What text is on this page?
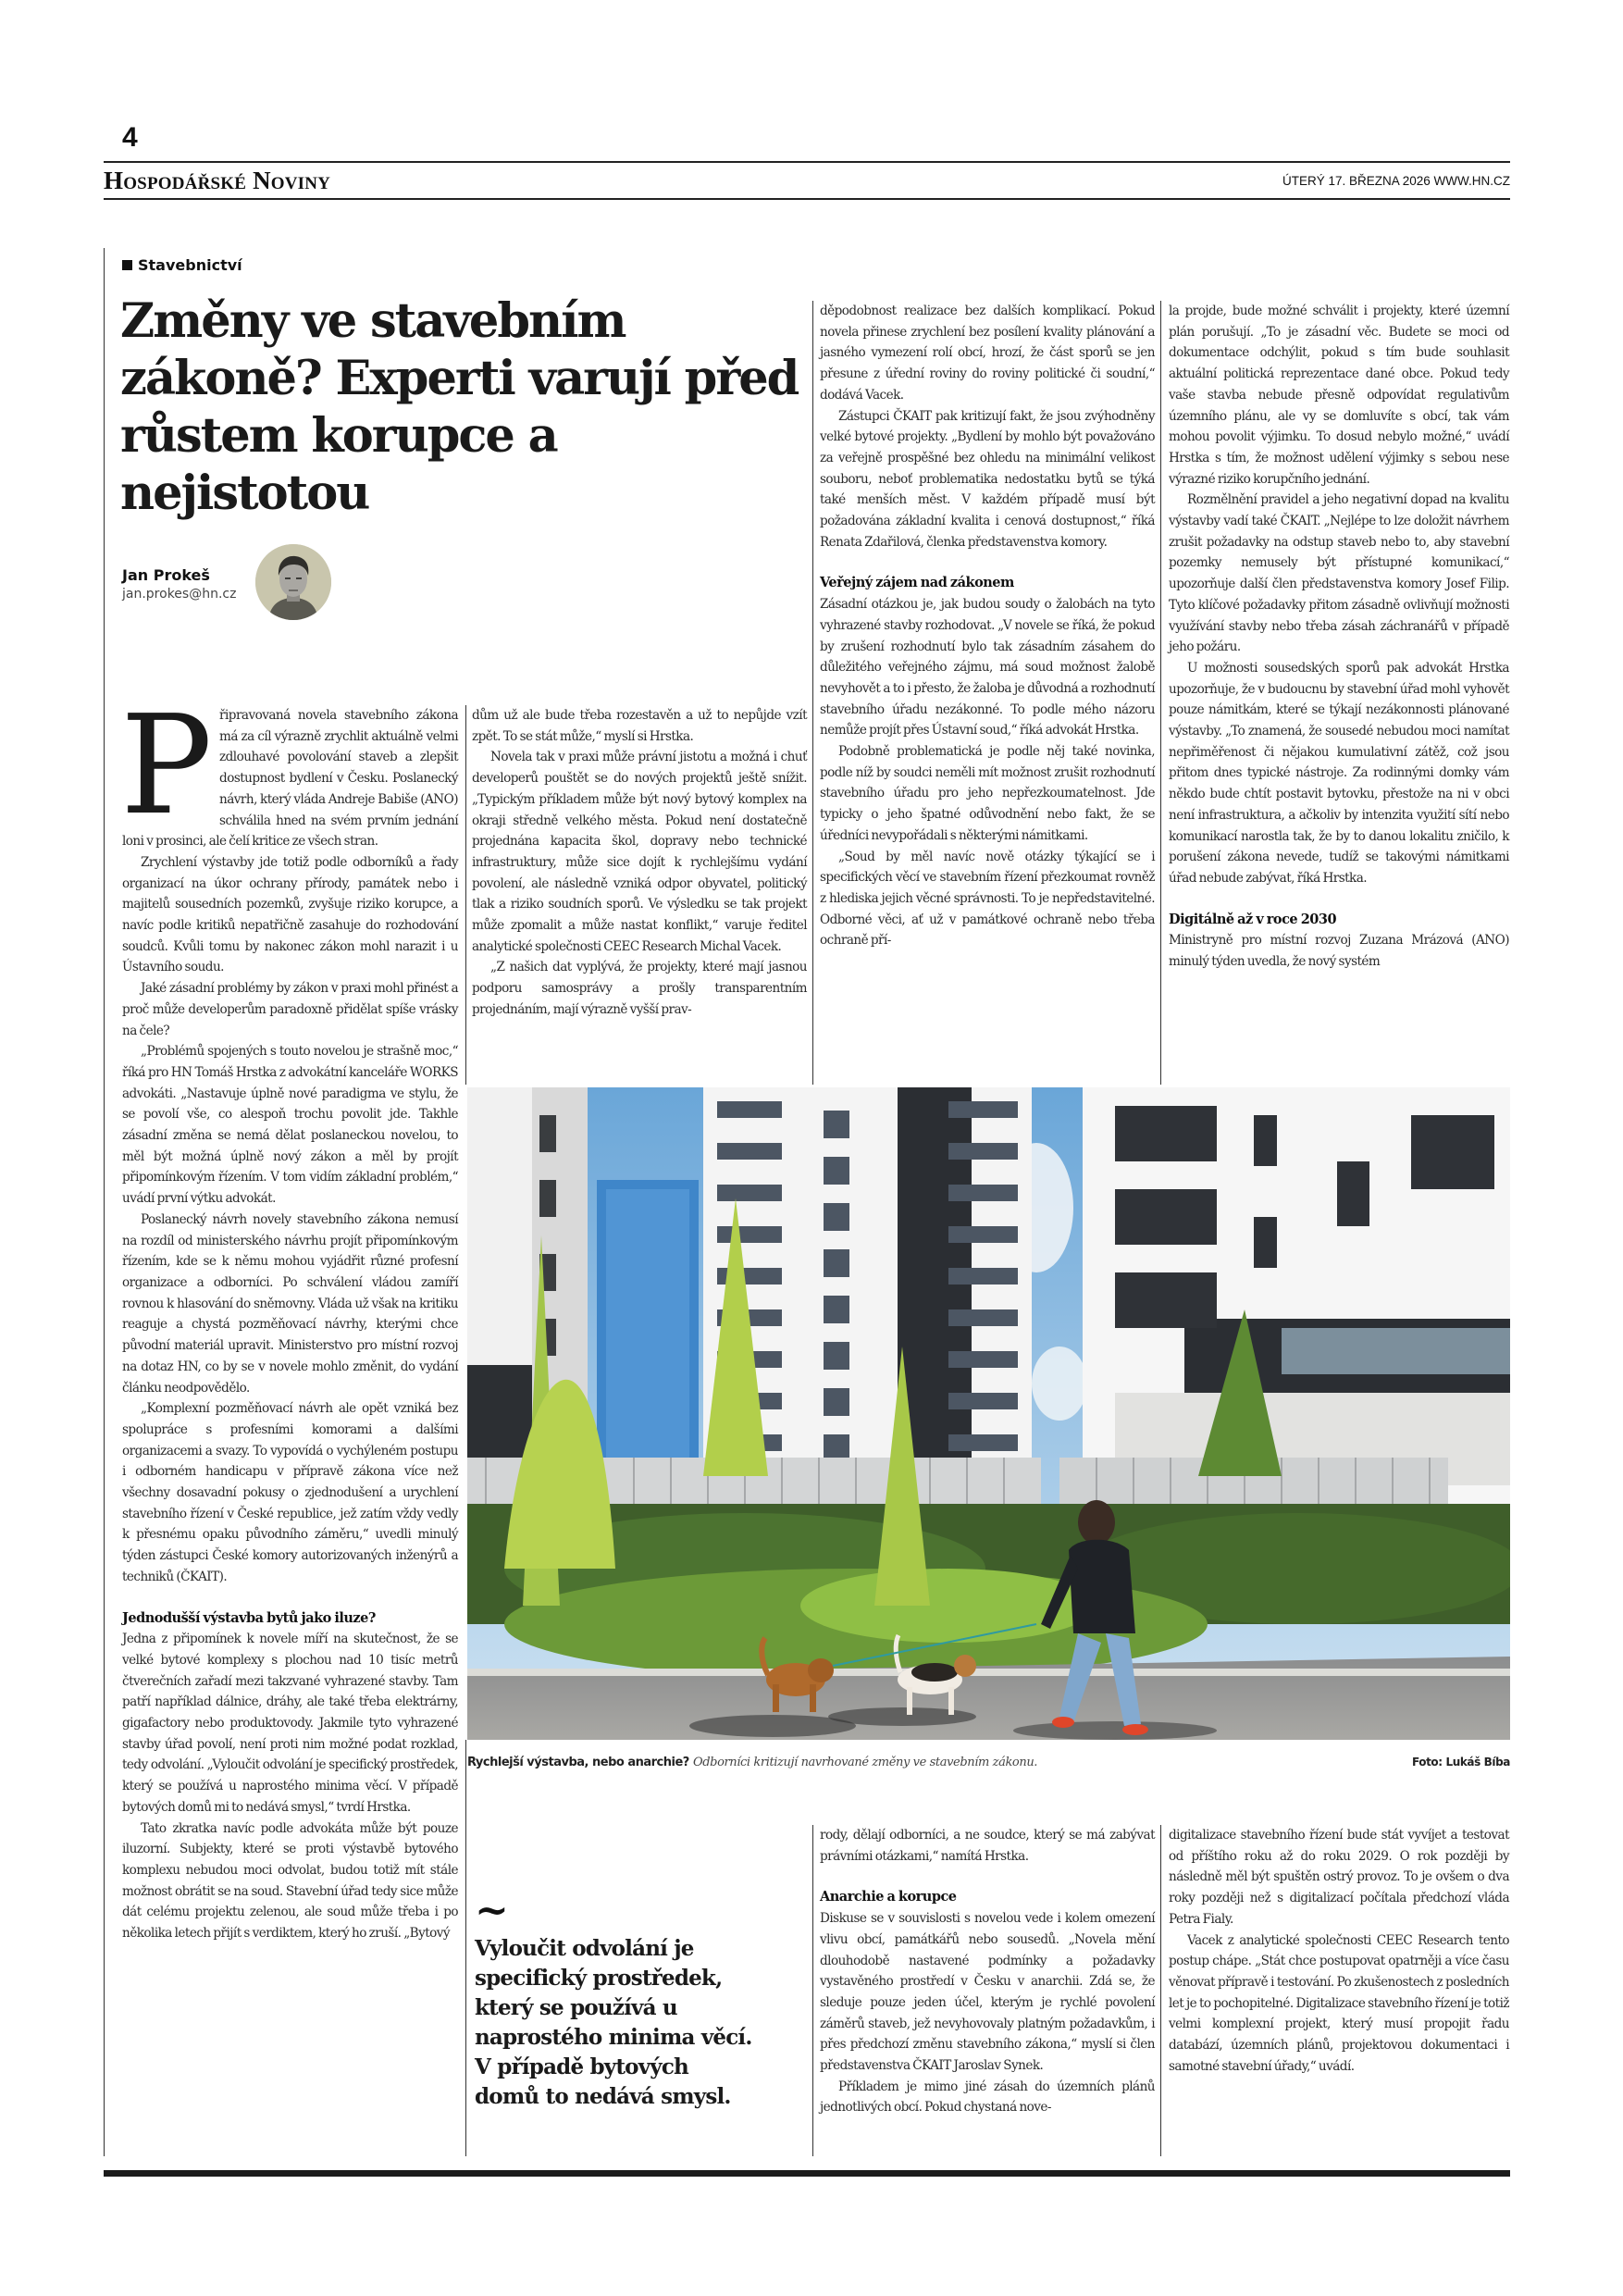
4
Hospodářské Noviny	ÚTERÝ 17. BŘEZNA 2026 WWW.HN.CZ
Stavebnictví
Změny ve stavebním zákoně? Experti varují před růstem korupce a nejistotou
Jan Prokeš
jan.prokes@hn.cz

Připravovaná novela stavebního zákona má za cíl výrazně zrychlit aktuálně velmi zdlouhavé povolování staveb a zlepšit dostupnost bydlení v Česku. Poslanecký návrh, který vláda Andreje Babiše (ANO) schválila hned na svém prvním jednání loni v prosinci, ale čelí kritice ze všech stran.

Zrychlení výstavby jde totiž podle odborníků a řady organizací na úkor ochrany přírody, památek nebo i majitelů sousedních pozemků, zvyšuje riziko korupce, a navíc podle kritiků nepatřičně zasahuje do rozhodování soudců. Kvůli tomu by nakonec zákon mohl narazit i u Ústavního soudu.

Jaké zásadní problémy by zákon v praxi mohl přinést a proč může developerům paradoxně přidělat spíše vrásky na čele?

„Problémů spojených s touto novelou je strašně moc,“ říká pro HN Tomáš Hrstka z advokátní kanceláře WORKS advokáti. „Nastavuje úplně nové paradigma ve stylu, že se povolí vše, co alespoň trochu povolit jde. Takhle zásadní změna se nemá dělat poslaneckou novelou, to měl být možná úplně nový zákon a měl by projít připomínkovým řízením. V tom vidím základní problém,“ uvádí první výtku advokát.

Poslanecký návrh novely stavebního zákona nemusí na rozdíl od ministerského návrhu projít připomínkovým řízením, kde se k němu mohou vyjádřit různé profesní organizace a odborníci. Po schválení vládou zamíří rovnou k hlasování do sněmovny. Vláda už však na kritiku reaguje a chystá pozměňovací návrhy, kterými chce původní materiál upravit. Ministerstvo pro místní rozvoj na dotaz HN, co by se v novele mohlo změnit, do vydání článku neodpovědělo.

„Komplexní pozměňovací návrh ale opět vzniká bez spolupráce s profesními komorami a dalšími organizacemi a svazy. To vypovídá o vychýleném postupu i odborném handicapu v přípravě zákona více než všechny dosavadní pokusy o zjednodušení a urychlení stavebního řízení v České republice, jež zatím vždy vedly k přesnému opaku původního záměru,“ uvedli minulý týden zástupci České komory autorizovaných inženýrů a techniků (ČKAIT).

Jednodušší výstavba bytů jako iluze?

Jedna z připomínek k novele míří na skutečnost, že se velké bytové komplexy s plochou nad 10 tisíc metrů čtverečních zařadí mezi takzvané vyhrazené stavby. Tam patří například dálnice, dráhy, ale také třeba elektrárny, gigafactory nebo produktovody. Jakmile tyto vyhrazené stavby úřad povolí, není proti nim možné podat rozklad, tedy odvolání. „Vyloučit odvolání je specifický prostředek, který se používá u naprostého minima věcí. V případě bytových domů mi to nedává smysl,“ tvrdí Hrstka.

Tato zkratka navíc podle advokáta může být pouze iluzorní. Subjekty, které se proti výstavbě bytového komplexu nebudou moci odvolat, budou totiž mít stále možnost obrátit se na soud. Stavební úřad tedy sice může dát celému projektu zelenou, ale soud může třeba i po několika letech přijít s verdiktem, který ho zruší. „Bytový

dům už ale bude třeba rozestavěn a už to nepůjde vzít zpět. To se stát může,“ myslí si Hrstka.

Novela tak v praxi může právní jistotu a možná i chuť developerů pouštět se do nových projektů ještě snížit. „Typickým příkladem může být nový bytový komplex na okraji středně velkého města. Pokud není dostatečně projednána kapacita škol, dopravy nebo technické infrastruktury, může sice dojít k rychlejšímu vydání povolení, ale následně vzniká odpor obyvatel, politický tlak a riziko soudních sporů. Ve výsledku se tak projekt může zpomalit a může nastat konflikt,“ varuje ředitel analytické společnosti CEEC Research Michal Vacek.

„Z našich dat vyplývá, že projekty, které mají jasnou podporu samosprávy a prošly transparentním projednáním, mají výrazně vyšší prav-

děpodobnost realizace bez dalších komplikací. Pokud novela přinese zrychlení bez posílení kvality plánování a jasného vymezení rolí obcí, hrozí, že část sporů se jen přesune z úřední roviny do roviny politické či soudní,“ dodává Vacek.

Zástupci ČKAIT pak kritizují fakt, že jsou zvýhodněny velké bytové projekty. „Bydlení by mohlo být považováno za veřejně prospěšné bez ohledu na minimální velikost souboru, neboť problematika nedostatku bytů se týká také menších měst. V každém případě musí být požadována základní kvalita i cenová dostupnost,“ říká Renata Zdařilová, členka představenstva komory.

Veřejný zájem nad zákonem

Zásadní otázkou je, jak budou soudy o žalobách na tyto vyhrazené stavby rozhodovat. „V novele se říká, že pokud by zrušení rozhodnutí bylo tak zásadním zásahem do důležitého veřejného zájmu, má soud možnost žalobě nevyhovět a to i přesto, že žaloba je důvodná a rozhodnutí stavebního úřadu nezákonné. To podle mého názoru nemůže projít přes Ústavní soud,“ říká advokát Hrstka.

Podobně problematická je podle něj také novinka, podle níž by soudci neměli mít možnost zrušit rozhodnutí stavebního úřadu pro jeho nepřezkoumatelnost. Jde typicky o jeho špatné odůvodnění nebo fakt, že se úředníci nevypořádali s některými námitkami.

„Soud by měl navíc nově otázky týkající se i specifických věcí ve stavebním řízení přezkoumat rovněž z hlediska jejich věcné správnosti. To je nepředstavitelné. Odborné věci, ať už v památkové ochraně nebo třeba ochraně pří-

la projde, bude možné schválit i projekty, které územní plán porušují. „To je zásadní věc. Budete se moci od dokumentace odchýlit, pokud s tím bude souhlasit aktuální politická reprezentace dané obce. Pokud tedy vaše stavba nebude přesně odpovídat regulativům územního plánu, ale vy se domluvíte s obcí, tak vám mohou povolit výjimku. To dosud nebylo možné,“ uvádí Hrstka s tím, že možnost udělení výjimky s sebou nese výrazné riziko korupčního jednání.

Rozmělnění pravidel a jeho negativní dopad na kvalitu výstavby vadí také ČKAIT. „Nejlépe to lze doložit návrhem zrušit požadavky na odstup staveb nebo to, aby stavební pozemky nemusely být přístupné komunikací,“ upozorňuje další člen představenstva komory Josef Filip. Tyto klíčové požadavky přitom zásadně ovlivňují možnosti využívání stavby nebo třeba zásah záchranářů v případě jeho požáru.

U možnosti sousedských sporů pak advokát Hrstka upozorňuje, že v budoucnu by stavební úřad mohl vyhovět pouze námitkám, které se týkají nezákonnosti plánované výstavby. „To znamená, že sousedé nebudou moci namítat nepřiměřenost či nějakou kumulativní zátěž, což jsou přitom dnes typické nástroje. Za rodinnými domky vám někdo bude chtít postavit bytovku, přestože na ni v obci není infrastruktura, a ačkoliv by intenzita využití sítí nebo komunikací narostla tak, že by to danou lokalitu zničilo, k porušení zákona nevede, tudíž se takovými námitkami úřad nebude zabývat, říká Hrstka.

Digitálně až v roce 2030

Ministryně pro místní rozvoj Zuzana Mrázová (ANO) minulý týden uvedla, že nový systém

Rychlejší výstavba, nebo anarchie? Odborníci kritizují navrhované změny ve stavebním zákonu.	Foto: Lukáš Bíba
~
Vyloučit odvolání je specifický prostředek, který se používá u naprostého minima věcí. V případě bytových domů to nedává smysl.

rody, dělají odborníci, a ne soudce, který se má zabývat právními otázkami,“ namítá Hrstka.

Anarchie a korupce

Diskuse se v souvislosti s novelou vede i kolem omezení vlivu obcí, památkářů nebo sousedů. „Novela mění dlouhodobě nastavené podmínky a požadavky vystavěného prostředí v Česku v anarchii. Zdá se, že sleduje pouze jeden účel, kterým je rychlé povolení záměrů staveb, jež nevyhovovaly platným požadavkům, i přes předchozí změnu stavebního zákona,“ myslí si člen představenstva ČKAIT Jaroslav Synek.

Příkladem je mimo jiné zásah do územních plánů jednotlivých obcí. Pokud chystaná nove-

digitalizace stavebního řízení bude stát vyvíjet a testovat od příštího roku až do roku 2029. O rok později by následně měl být spuštěn ostrý provoz. To je ovšem o dva roky později než s digitalizací počítala předchozí vláda Petra Fialy.

Vacek z analytické společnosti CEEC Research tento postup chápe. „Stát chce postupovat opatrněji a více času věnovat přípravě i testování. Po zkušenostech z posledních let je to pochopitelné. Digitalizace stavebního řízení je totiž velmi komplexní projekt, který musí propojit řadu databází, územních plánů, projektovou dokumentaci i samotné stavební úřady,“ uvádí.
